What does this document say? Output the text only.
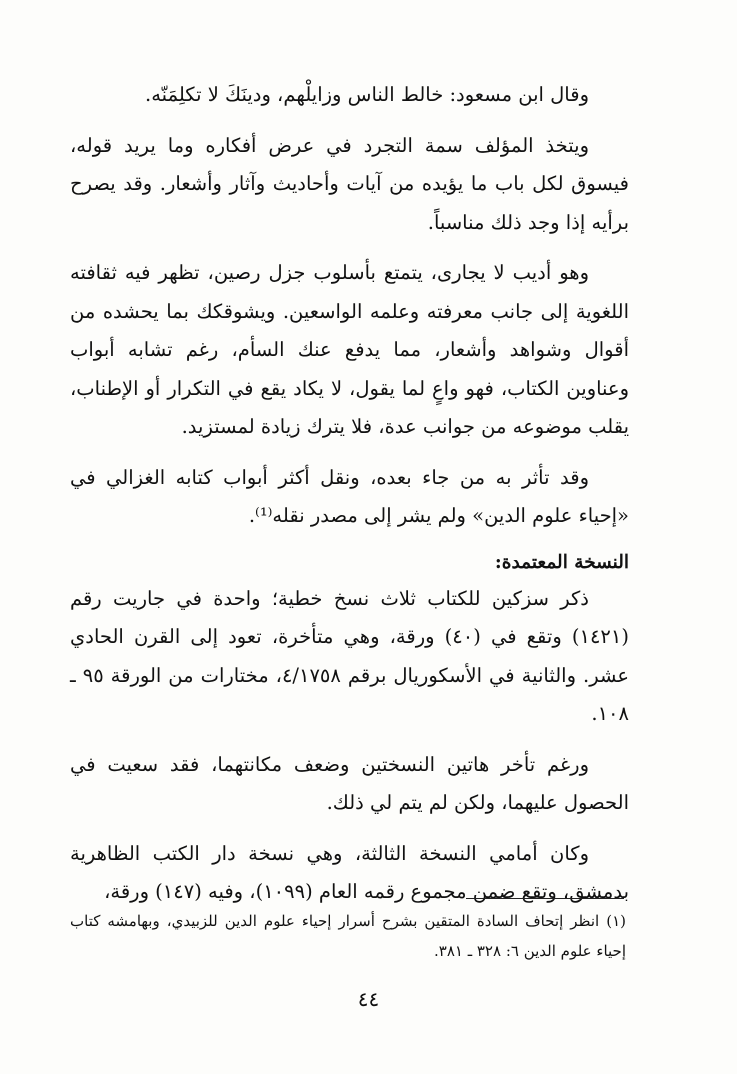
وقال ابن مسعود: خالط الناس وزايلْهم، ودينَكَ لا تكلِمَنّه.

ويتخذ المؤلف سمة التجرد في عرض أفكاره وما يريد قوله، فيسوق لكل باب ما يؤيده من آيات وأحاديث وآثار وأشعار. وقد يصرح برأيه إذا وجد ذلك مناسباً.

وهو أديب لا يجارى، يتمتع بأسلوب جزل رصين، تظهر فيه ثقافته اللغوية إلى جانب معرفته وعلمه الواسعين. ويشوقكك بما يحشده من أقوال وشواهد وأشعار، مما يدفع عنك السأم، رغم تشابه أبواب وعناوين الكتاب، فهو واعٍ لما يقول، لا يكاد يقع في التكرار أو الإطناب، يقلب موضوعه من جوانب عدة، فلا يترك زيادة لمستزيد.

وقد تأثر به من جاء بعده، ونقل أكثر أبواب كتابه الغزالي في «إحياء علوم الدين» ولم يشر إلى مصدر نقله⁽¹⁾.

النسخة المعتمدة:

ذكر سزكين للكتاب ثلاث نسخ خطية؛ واحدة في جاريت رقم (١٤٢١) وتقع في (٤٠) ورقة، وهي متأخرة، تعود إلى القرن الحادي عشر. والثانية في الأسكوريال برقم ٤/١٧٥٨، مختارات من الورقة ٩٥ ـ ١٠٨.

ورغم تأخر هاتين النسختين وضعف مكانتهما، فقد سعيت في الحصول عليهما، ولكن لم يتم لي ذلك.

وكان أمامي النسخة الثالثة، وهي نسخة دار الكتب الظاهرية بدمشق، وتقع ضمن مجموع رقمه العام (١٠٩٩)، وفيه (١٤٧) ورقة،

(١) انظر إتحاف السادة المتقين بشرح أسرار إحياء علوم الدين للزبيدي، وبهامشه كتاب إحياء علوم الدين ٦: ٣٢٨ ـ ٣٨١.

٤٤
